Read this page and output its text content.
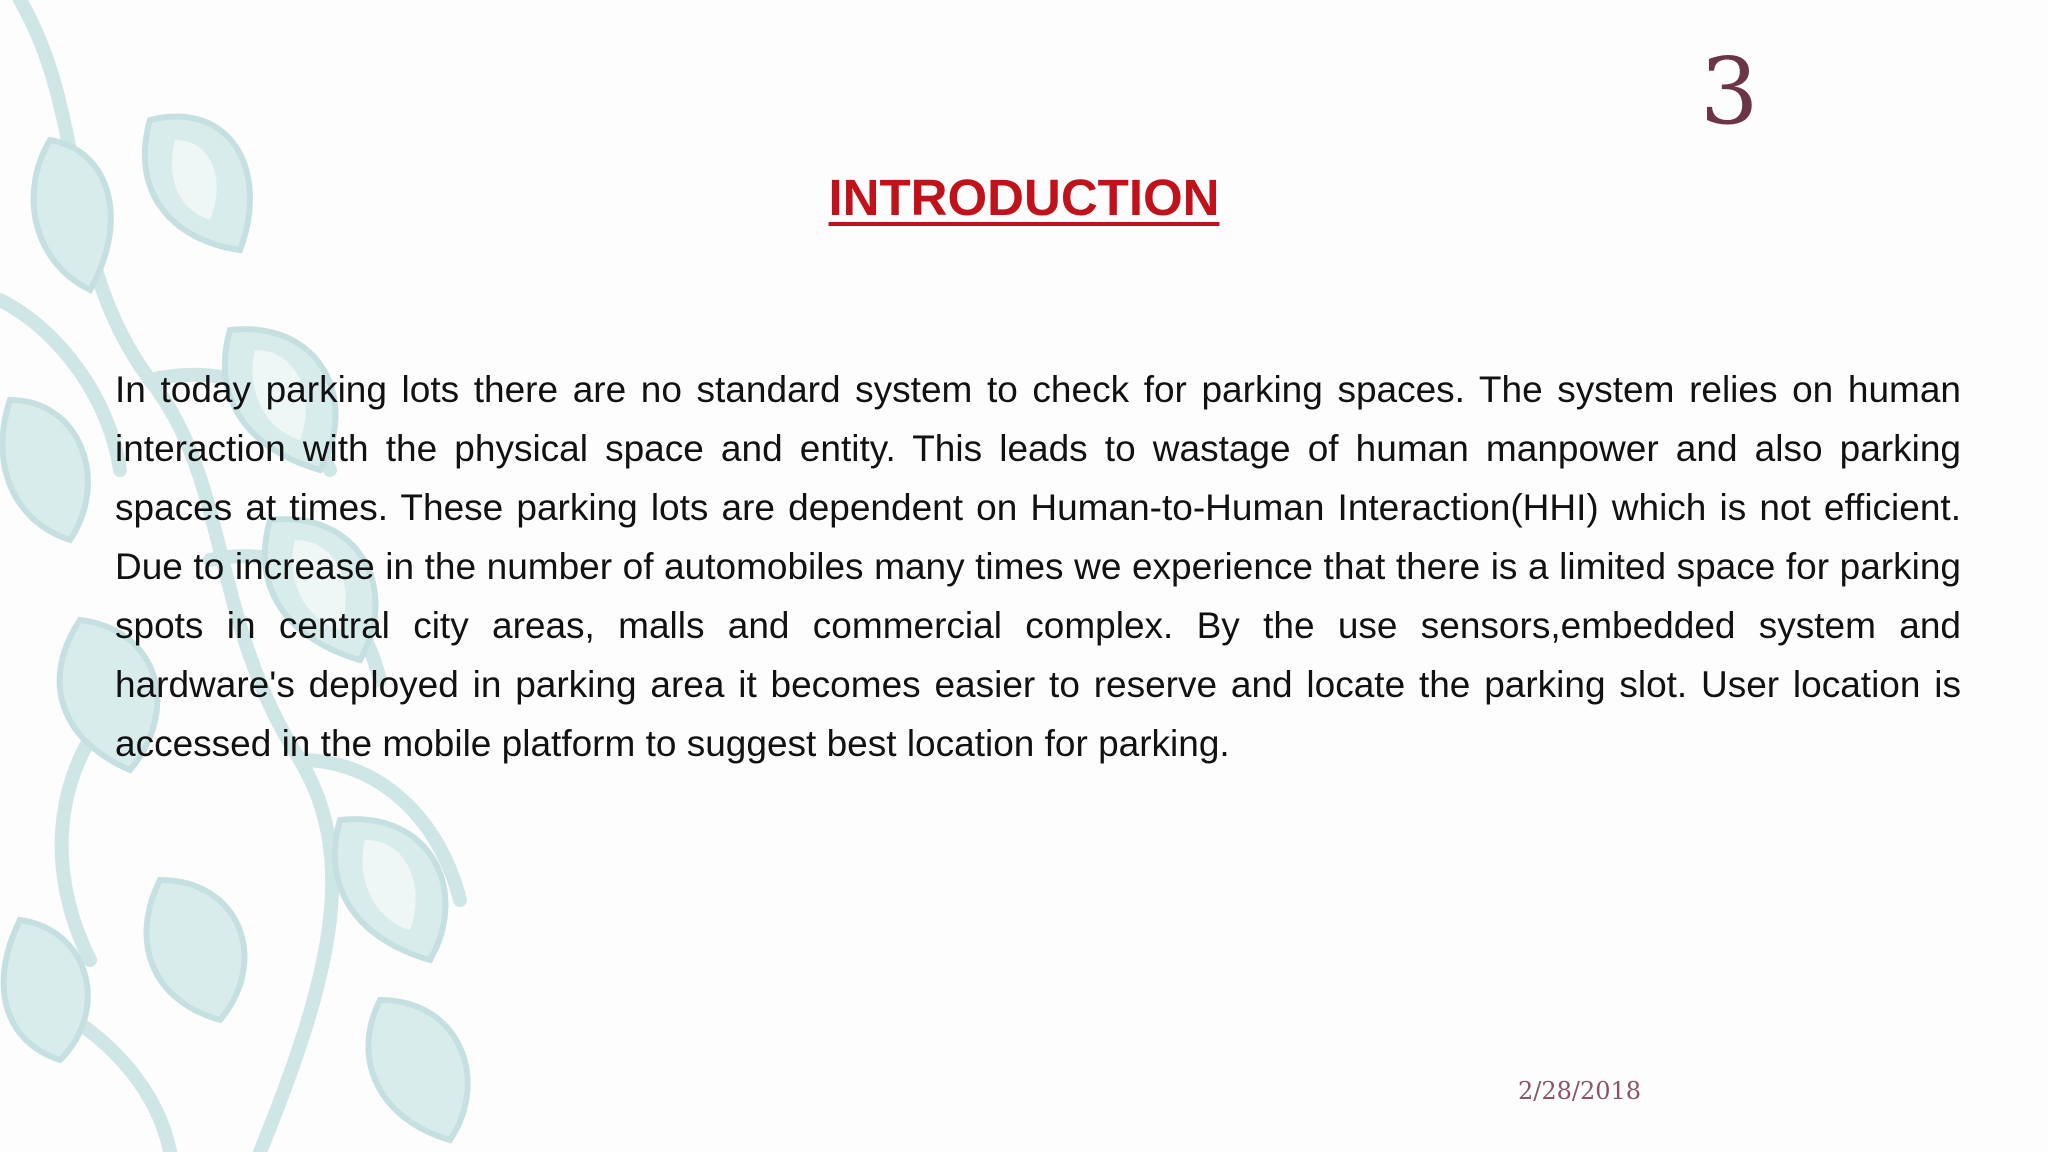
3
INTRODUCTION

In today parking lots there are no standard system to check for parking spaces. The system relies on human interaction with the physical space and entity. This leads to wastage of human manpower and also parking spaces at times. These parking lots are dependent on Human-to-Human Interaction(HHI) which is not efficient. Due to increase in the number of automobiles many times we experience that there is a limited space for parking spots in central city areas, malls and commercial complex. By the use sensors,embedded system and hardware's deployed in parking area it becomes easier to reserve and locate the parking slot. User location is accessed in the mobile platform to suggest best location for parking.

2/28/2018
